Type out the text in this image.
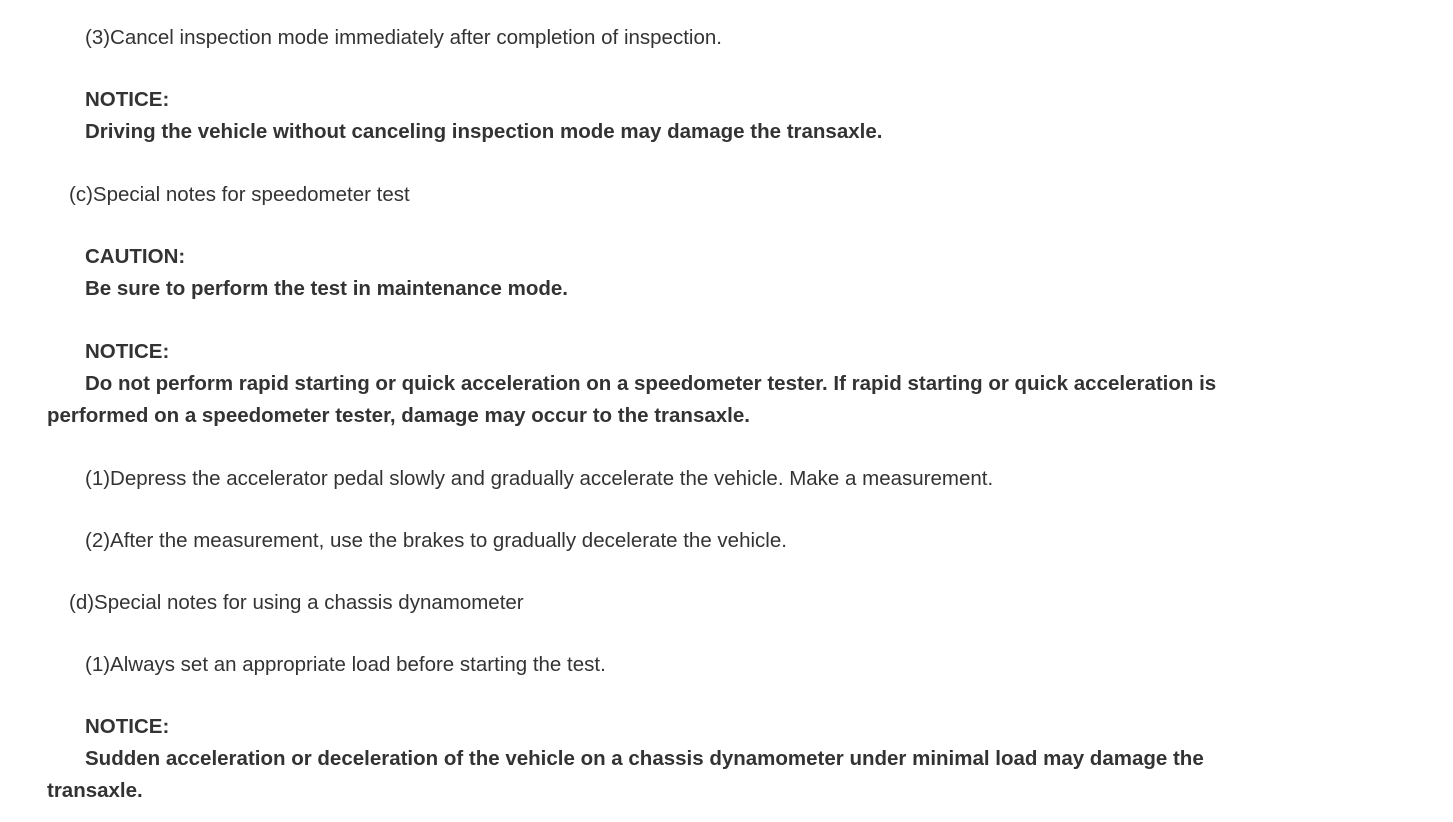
(3)Cancel inspection mode immediately after completion of inspection.
NOTICE:
Driving the vehicle without canceling inspection mode may damage the transaxle.
(c)Special notes for speedometer test
CAUTION:
Be sure to perform the test in maintenance mode.
NOTICE:
Do not perform rapid starting or quick acceleration on a speedometer tester. If rapid starting or quick acceleration is
performed on a speedometer tester, damage may occur to the transaxle.
(1)Depress the accelerator pedal slowly and gradually accelerate the vehicle. Make a measurement.
(2)After the measurement, use the brakes to gradually decelerate the vehicle.
(d)Special notes for using a chassis dynamometer
(1)Always set an appropriate load before starting the test.
NOTICE:
Sudden acceleration or deceleration of the vehicle on a chassis dynamometer under minimal load may damage the
transaxle.
